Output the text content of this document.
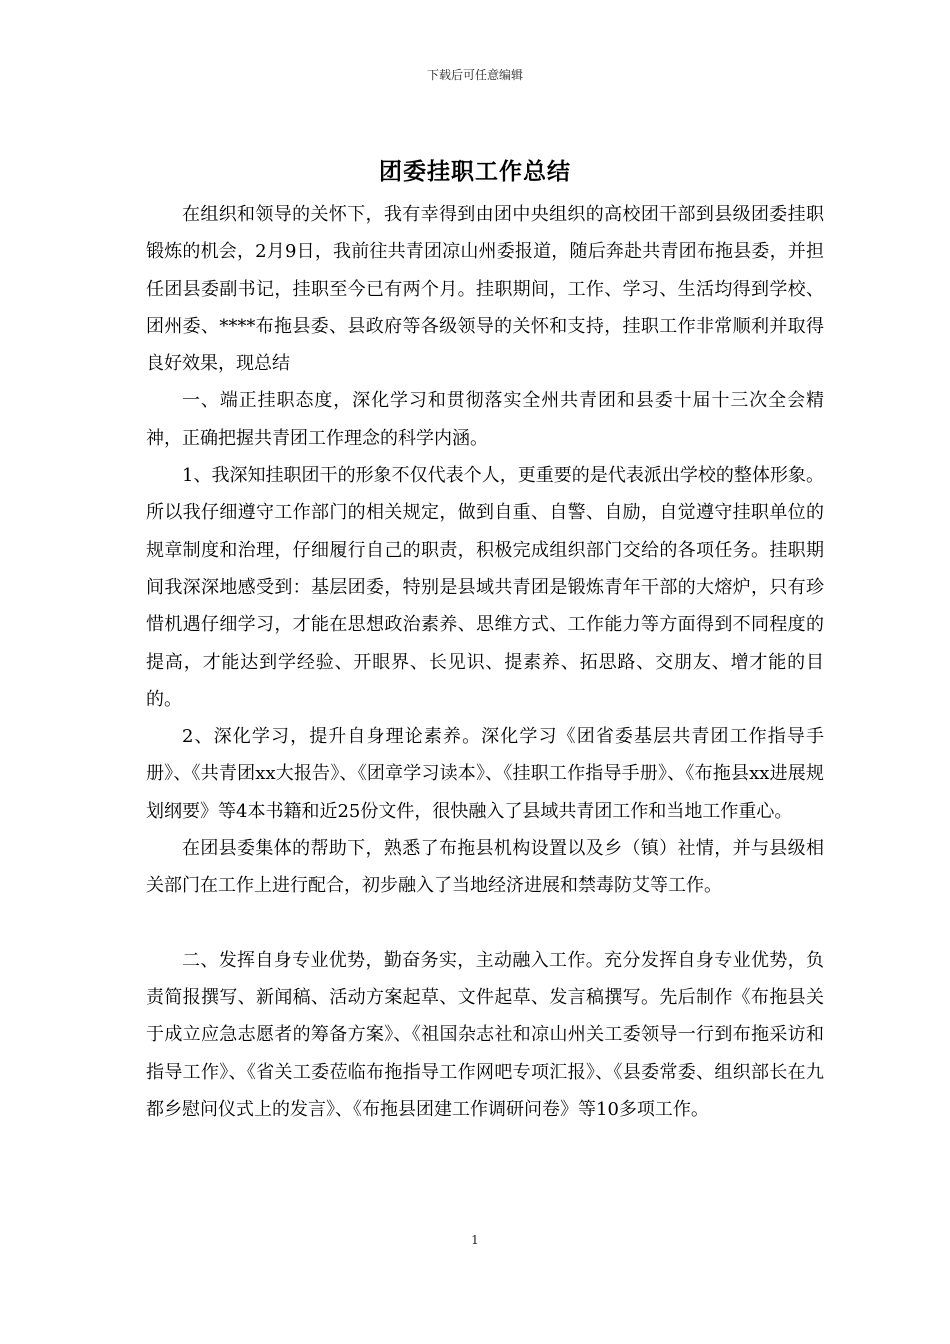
下载后可任意编辑
团委挂职工作总结

在组织和领导的关怀下，我有幸得到由团中央组织的高校团干部到县级团委挂职锻炼的机会，2月9日，我前往共青团凉山州委报道，随后奔赴共青团布拖县委，并担任团县委副书记，挂职至今已有两个月。挂职期间，工作、学习、生活均得到学校、团州委、****布拖县委、县政府等各级领导的关怀和支持，挂职工作非常顺利并取得良好效果，现总结

一、端正挂职态度，深化学习和贯彻落实全州共青团和县委十届十三次全会精神，正确把握共青团工作理念的科学内涵。

1、我深知挂职团干的形象不仅代表个人，更重要的是代表派出学校的整体形象。所以我仔细遵守工作部门的相关规定，做到自重、自警、自励，自觉遵守挂职单位的规章制度和治理，仔细履行自己的职责，积极完成组织部门交给的各项任务。挂职期间我深深地感受到：基层团委，特别是县域共青团是锻炼青年干部的大熔炉，只有珍惜机遇仔细学习，才能在思想政治素养、思维方式、工作能力等方面得到不同程度的提高，才能达到学经验、开眼界、长见识、提素养、拓思路、交朋友、增才能的目的。

2、深化学习，提升自身理论素养。深化学习《团省委基层共青团工作指导手册》、《共青团xx大报告》、《团章学习读本》、《挂职工作指导手册》、《布拖县xx进展规划纲要》等4本书籍和近25份文件，很快融入了县域共青团工作和当地工作重心。

在团县委集体的帮助下，熟悉了布拖县机构设置以及乡（镇）社情，并与县级相关部门在工作上进行配合，初步融入了当地经济进展和禁毒防艾等工作。

二、发挥自身专业优势，勤奋务实，主动融入工作。充分发挥自身专业优势，负责简报撰写、新闻稿、活动方案起草、文件起草、发言稿撰写。先后制作《布拖县关于成立应急志愿者的筹备方案》、《祖国杂志社和凉山州关工委领导一行到布拖采访和指导工作》、《省关工委莅临布拖指导工作网吧专项汇报》、《县委常委、组织部长在九都乡慰问仪式上的发言》、《布拖县团建工作调研问卷》等10多项工作。

1
